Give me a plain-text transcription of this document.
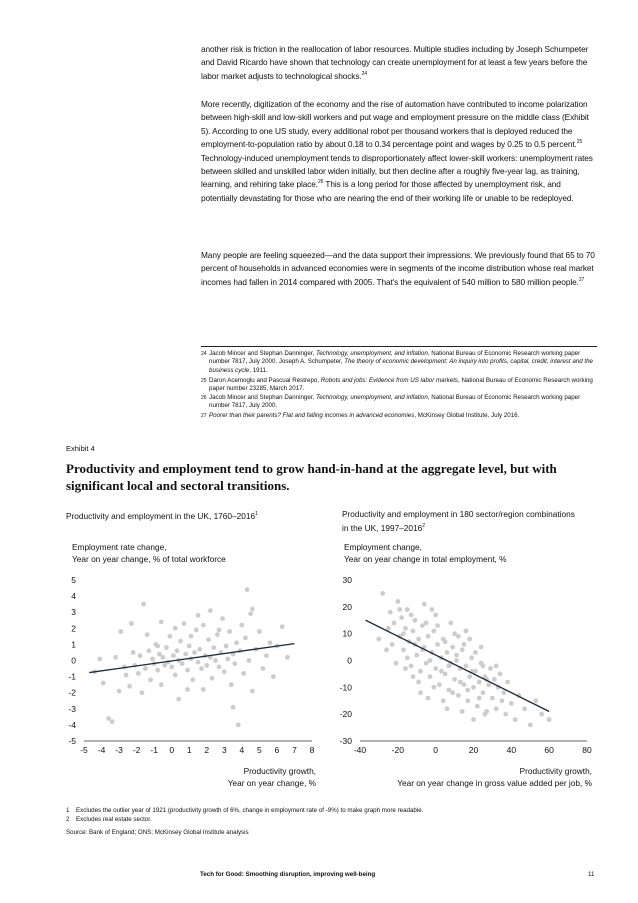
another risk is friction in the reallocation of labor resources. Multiple studies including by Joseph Schumpeter and David Ricardo have shown that technology can create unemployment for at least a few years before the labor market adjusts to technological shocks.$^{24}$

More recently, digitization of the economy and the rise of automation have contributed to income polarization between high-skill and low-skill workers and put wage and employment pressure on the middle class (Exhibit 5). According to one US study, every additional robot per thousand workers that is deployed reduced the employment-to-population ratio by about 0.18 to 0.34 percentage point and wages by 0.25 to 0.5 percent.$^{25}$ Technology-induced unemployment tends to disproportionately affect lower-skill workers: unemployment rates between skilled and unskilled labor widen initially, but then decline after a roughly five-year lag, as training, learning, and rehiring take place.$^{26}$ This is a long period for those affected by unemployment risk, and potentially devastating for those who are nearing the end of their working life or unable to be redeployed.

Many people are feeling squeezed—and the data support their impressions. We previously found that 65 to 70 percent of households in advanced economies were in segments of the income distribution whose real market incomes had fallen in 2014 compared with 2005. That's the equivalent of 540 million to 580 million people.$^{27}$

24 Jacob Mincer and Stephan Danninger, Technology, unemployment, and inflation, National Bureau of Economic Research working paper number 7817, July 2000. Joseph A. Schumpeter, The theory of economic development: An inquiry into profits, capital, credit, interest and the business cycle, 1911.
25 Daron Acemoglu and Pascual Restrepo, Robots and jobs: Evidence from US labor markets, National Bureau of Economic Research working paper number 23285, March 2017.
26 Jacob Mincer and Stephan Danninger, Technology, unemployment, and inflation, National Bureau of Economic Research working paper number 7817, July 2000.
27 Poorer than their parents? Flat and falling incomes in advanced economies, McKinsey Global Institute, July 2016.
Exhibit 4

Productivity and employment tend to grow hand-in-hand at the aggregate level, but with significant local and sectoral transitions.

Productivity and employment in the UK, 1760–2016$^1$

Employment rate change,
Year on year change, % of total workforce

Productivity growth,
Year on year change, %

Productivity and employment in 180 sector/region combinations in the UK, 1997–2016$^2$

Employment change,
Year on year change in total employment, %

Productivity growth,
Year on year change in gross value added per job, %

5
4
3
2
1
0
-1
-2
-3
-4
-5
-5 -4 -3 -2 -1 0 1 2 3 4 5 6 7 8
30
20
10
0
-10
-20
-30
-40	-20	0	20	40	60	80
1 Excludes the outlier year of 1921 (productivity growth of 6%, change in employment rate of -9%) to make graph more readable.
2 Excludes real estate sector.
Source: Bank of England; ONS; McKinsey Global Institute analysis
Tech for Good: Smoothing disruption, improving well-being	11
